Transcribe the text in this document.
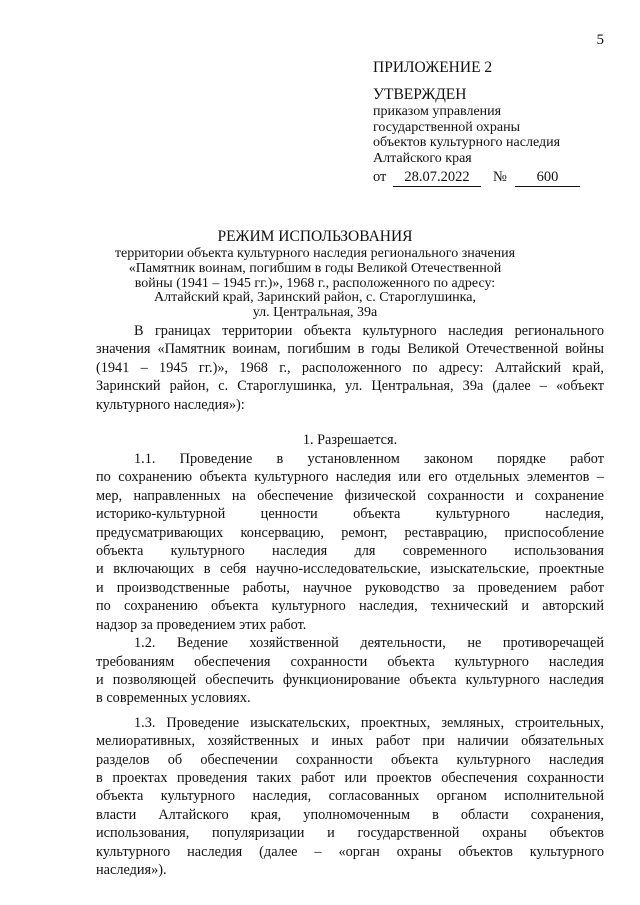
5

ПРИЛОЖЕНИЕ 2

УТВЕРЖДЕН

приказом управления

государственной охраны

объектов культурного наследия

Алтайского края

от	28.07.2022	№	600

РЕЖИМ ИСПОЛЬЗОВАНИЯ

территории объекта культурного наследия регионального значения

«Памятник воинам, погибшим в годы Великой Отечественной

войны (1941 – 1945 гг.)», 1968 г., расположенного по адресу:

Алтайский край, Заринский район, с. Староглушинка,

ул. Центральная, 39а

В границах территории объекта культурного наследия регионального

значения «Памятник воинам, погибшим в годы Великой Отечественной войны

(1941 – 1945 гг.)», 1968 г., расположенного по адресу: Алтайский край,

Заринский район, с. Староглушинка, ул. Центральная, 39а (далее – «объект

культурного наследия»):

1. Разрешается.

1.1. Проведение в установленном законом порядке работ

по сохранению объекта культурного наследия или его отдельных элементов –

мер, направленных на обеспечение физической сохранности и сохранение

историко-культурной ценности объекта культурного наследия,

предусматривающих консервацию, ремонт, реставрацию, приспособление

объекта культурного наследия для современного использования

и включающих в себя научно-исследовательские, изыскательские, проектные

и производственные работы, научное руководство за проведением работ

по сохранению объекта культурного наследия, технический и авторский

надзор за проведением этих работ.

1.2. Ведение хозяйственной деятельности, не противоречащей

требованиям обеспечения сохранности объекта культурного наследия

и позволяющей обеспечить функционирование объекта культурного наследия

в современных условиях.

1.3. Проведение изыскательских, проектных, земляных, строительных,

мелиоративных, хозяйственных и иных работ при наличии обязательных

разделов об обеспечении сохранности объекта культурного наследия

в проектах проведения таких работ или проектов обеспечения сохранности

объекта культурного наследия, согласованных органом исполнительной

власти Алтайского края, уполномоченным в области сохранения,

использования, популяризации и государственной охраны объектов

культурного наследия (далее – «орган охраны объектов культурного

наследия»).
